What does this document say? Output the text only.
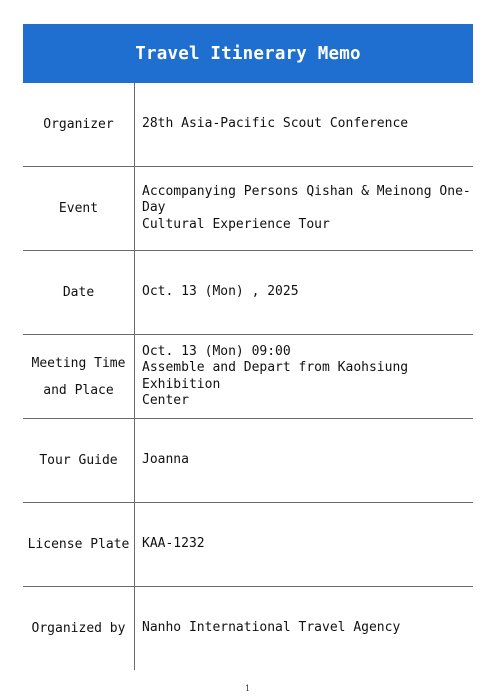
Travel Itinerary Memo
Organizer 28th Asia-Pacific Scout Conference
Event
Accompanying Persons Qishan & Meinong One-Day
Cultural Experience Tour
Date	Oct. 13 (Mon) , 2025
Meeting Time
and Place
Oct. 13 (Mon) 09:00
Assemble and Depart from Kaohsiung Exhibition
Center
Tour Guide Joanna
License Plate KAA-1232
Organized by Nanho International Travel Agency
1
